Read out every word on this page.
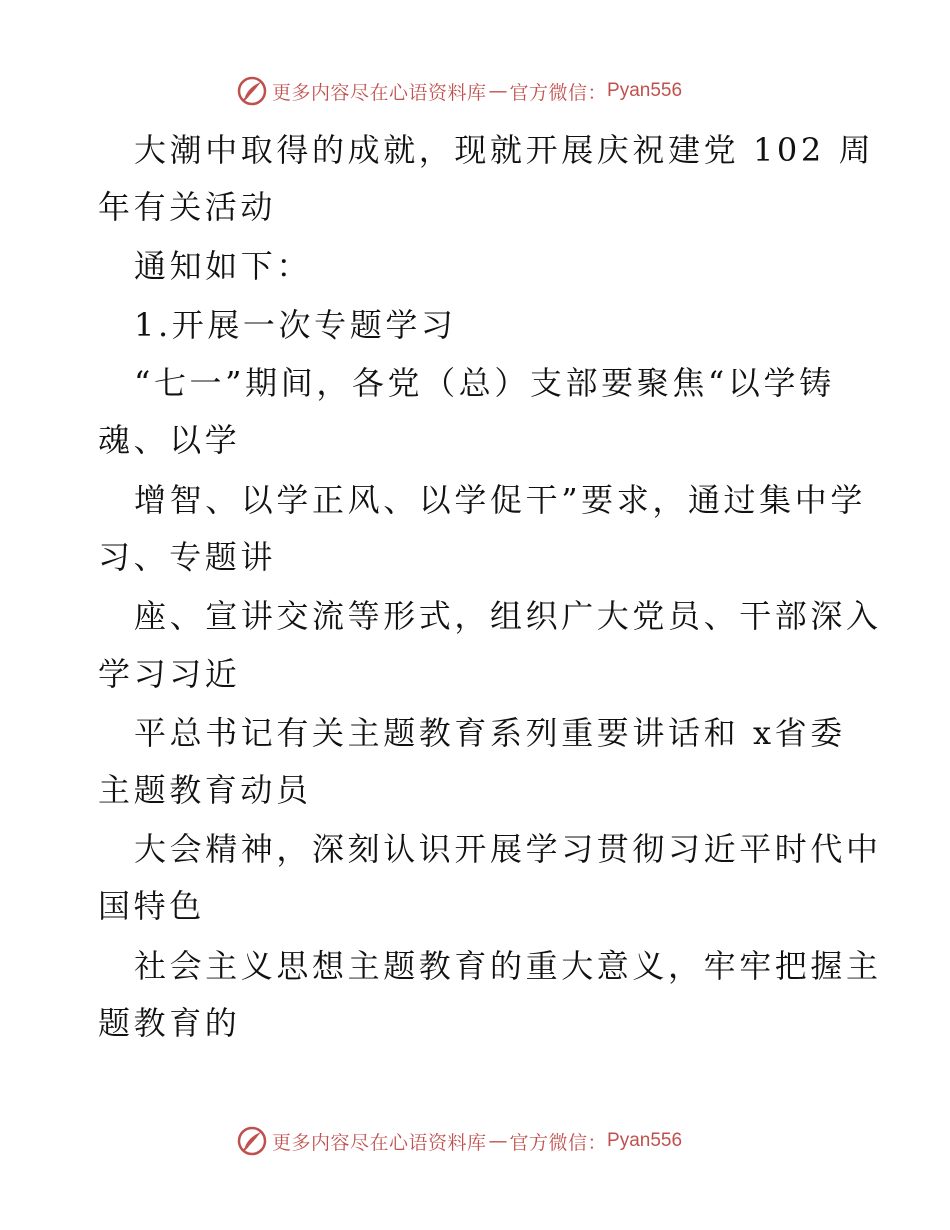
更多内容尽在心语资料库 — 官方微信： Pyan556
大潮中取得的成就，现就开展庆祝建党 102 周
年有关活动
通知如下：
1.开展一次专题学习
“七一”期间，各党（总）支部要聚焦“以学铸
魂、以学
增智、以学正风、以学促干”要求，通过集中学
习、专题讲
座、宣讲交流等形式，组织广大党员、干部深入
学习习近
平总书记有关主题教育系列重要讲话和 x省委
主题教育动员
大会精神，深刻认识开展学习贯彻习近平时代中
国特色
社会主义思想主题教育的重大意义，牢牢把握主
题教育的
更多内容尽在心语资料库 — 官方微信： Pyan556
